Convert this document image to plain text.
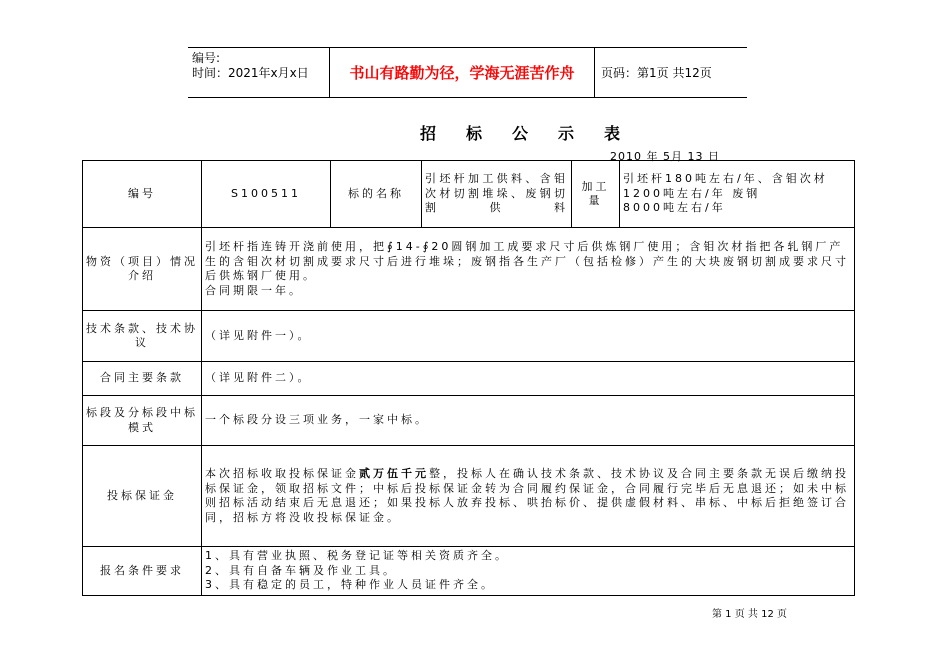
编号:
时间：2021年x月x日	书山有路勤为径，学海无涯苦作舟	页码：第1页 共12页
招标公示表
2010 年 5月 13 日
编号	S100511	标的名称	引坯杆加工供料、含钼次材切割堆垛、废钢切割供料	加工量	引坯杆180吨左右/年、含钼次材
1200吨左右/年 废钢
8000吨左右/年
物资（项目）情况介绍	引坯杆指连铸开浇前使用，把∮14-∮20圆钢加工成要求尺寸后供炼钢厂使用；含钼次材指把各轧钢厂产生的含钼次材切割成要求尺寸后进行堆垛；废钢指各生产厂（包括检修）产生的大块废钢切割成要求尺寸后供炼钢厂使用。
合同期限一年。				
技术条款、技术协议	（详见附件一）。				
合同主要条款	（详见附件二）。				
标段及分标段中标模式	一个标段分设三项业务，一家中标。				
投标保证金	本次招标收取投标保证金贰万伍千元整，投标人在确认技术条款、技术协议及合同主要条款无误后缴纳投标保证金，领取招标文件；中标后投标保证金转为合同履约保证金，合同履行完毕后无息退还；如未中标则招标活动结束后无息退还；如果投标人放弃投标、哄抬标价、提供虚假材料、串标、中标后拒绝签订合同，招标方将没收投标保证金。				
报名条件要求	1、具有营业执照、税务登记证等相关资质齐全。
2、具有自备车辆及作业工具。
3、具有稳定的员工，特种作业人员证件齐全。				
第 1 页 共 12 页
